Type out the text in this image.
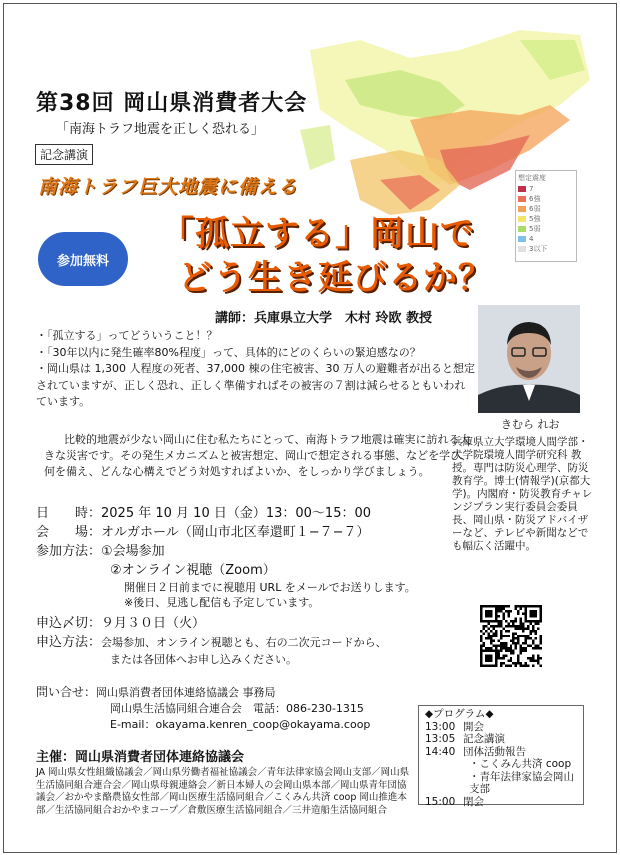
想定震度
7
6強
6弱
5強
5弱
4
3以下
第38回 岡山県消費者大会
「南海トラフ地震を正しく恐れる」
記念講演
南海トラフ巨大地震に備える
参加無料
「孤立する」岡山で
どう生き延びるか？
講師：兵庫県立大学　木村 玲欧 教授
きむら れお

・「孤立する」ってどういうこと！？

・「30年以内に発生確率80%程度」って、具体的にどのくらいの緊迫感なの？

・岡山県は 1,300 人程度の死者、37,000 棟の住宅被害、30 万人の避難者が出ると想定されていますが、正しく恐れ、正しく準備すればその被害の７割は減らせるともいわれています。

比較的地震が少ない岡山に住む私たちにとって、南海トラフ地震は確実に訪れる大きな災害です。その発生メカニズムと被害想定、岡山で想定される事態、などを学び、何を備え、どんな心構えでどう対処すればよいか、をしっかり学びましょう。
兵庫県立大学環境人間学部・大学院環境人間学研究科 教授。専門は防災心理学、防災教育学。博士(情報学)(京都大学)。内閣府・防災教育チャレンジプラン実行委員会委員長、岡山県・防災アドバイザーなど、テレビや新聞などでも幅広く活躍中。
日　　時：2025 年 10 月 10 日（金）13：00〜15：00
会　　場：オルガホール（岡山市北区奉還町１−７−７）
参加方法：①会場参加
②オンライン視聴（Zoom）
開催日２日前までに視聴用 URL をメールでお送りします。
※後日、見逃し配信も予定しています。
申込〆切：９月３０日（火）
申込方法：会場参加、オンライン視聴とも、右の二次元コードから、
または各団体へお申し込みください。
問い合せ：岡山県消費者団体連絡協議会 事務局
岡山県生活協同組合連合会　電話：086-230-1315
E-mail：okayama.kenren_coop@okayama.coop
◆プログラム◆
13:00 開会
13:05 記念講演
14:40 団体活動報告
・こくみん共済 coop
・青年法律家協会岡山支部
15:00 閉会
主催：岡山県消費者団体連絡協議会
JA 岡山県女性組織協議会／岡山県労働者福祉協議会／青年法律家協会岡山支部／岡山県生活協同組合連合会／岡山県母親連絡会／新日本婦人の会岡山県本部／岡山県青年団協議会／おかやま酪農協女性部／岡山医療生活協同組合／こくみん共済 coop 岡山推進本部／生活協同組合おかやまコープ／倉敷医療生活協同組合／三井造船生活協同組合
